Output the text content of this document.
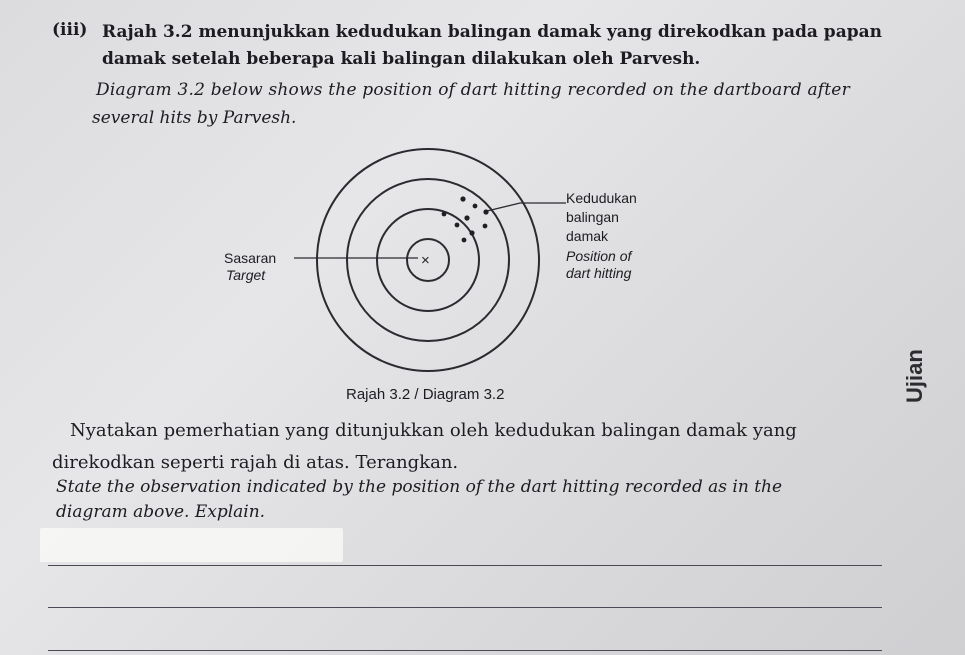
(iii) Rajah 3.2 menunjukkan kedudukan balingan damak yang direkodkan pada papan
damak setelah beberapa kali balingan dilakukan oleh Parvesh.
Diagram 3.2 below shows the position of dart hitting recorded on the dartboard after
several hits by Parvesh.
×
Sasaran
Target
Kedudukan
balingan
damak
Position of
dart hitting
Rajah 3.2 / Diagram 3.2	Ujian
Nyatakan pemerhatian yang ditunjukkan oleh kedudukan balingan damak yang
direkodkan seperti rajah di atas. Terangkan.
State the observation indicated by the position of the dart hitting recorded as in the
diagram above. Explain.
